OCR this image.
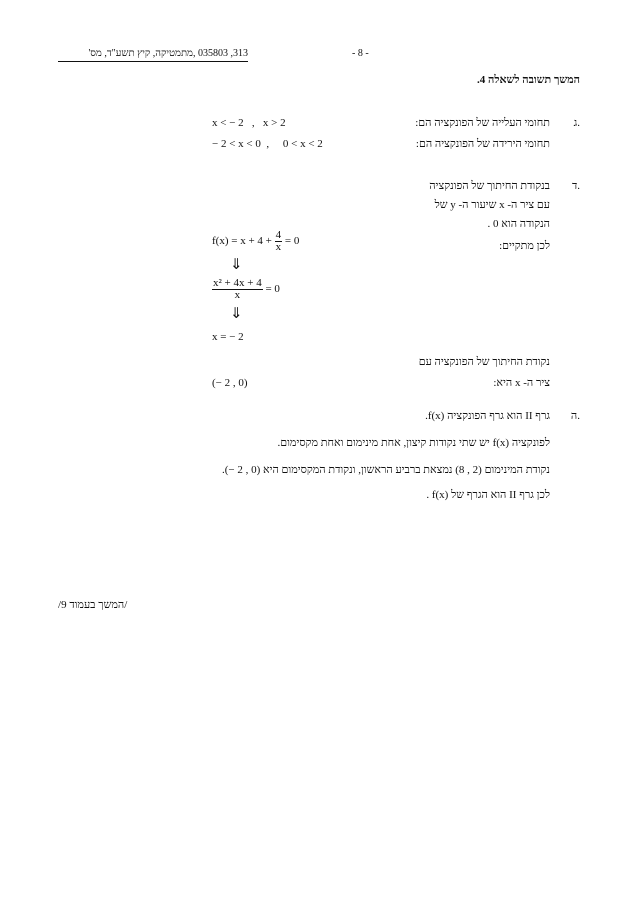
313, 035803 ,מתמטיקה, קיץ תשע"ד, מס'	- 8 -
המשך תשובה לשאלה 4.
ג.
תחומי העלייה של הפונקציה הם:
x < − 2   ,   x > 2
תחומי הירידה של הפונקציה הם:
− 2 < x < 0  ,     0 < x < 2
ד.
בנקודת החיתוך של הפונקציה
עם ציר ה- x שיעור ה- y של
הנקודה הוא 0 .
לכן מתקיים:
$f(x) = x + 4 + \frac{4}{x} = 0$
⇓
$\frac{\text{x² + 4x + 4}}{x} = 0$
⇓
x = − 2
נקודת החיתוך של הפונקציה עם
ציר ה- x היא:
(− 2 , 0)
ה.
גרף II הוא גרף הפונקציה f(x).
לפונקציה f(x) יש שתי נקודות קיצון, אחת מינימום ואחת מקסימום.
נקודת המינימום (2 , 8) נמצאת ברביע הראשון, ונקודת המקסימום היא (0 , 2 −).
לכן גרף II הוא הגרף של f(x) .
/המשך בעמוד 9/
